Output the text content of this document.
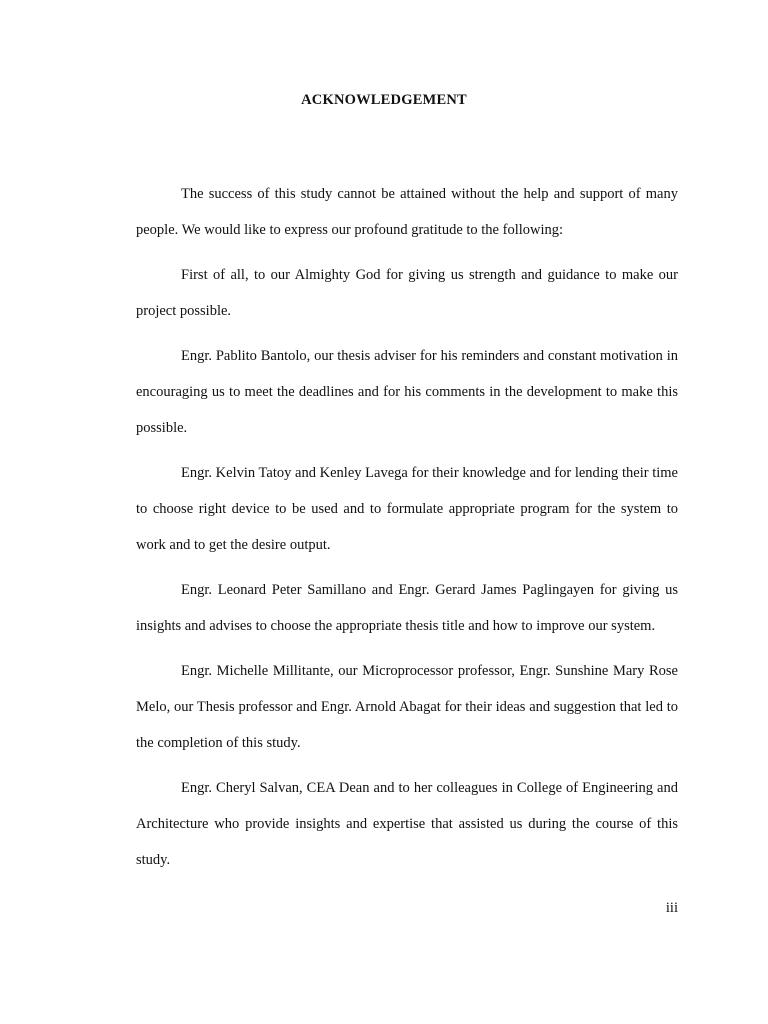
ACKNOWLEDGEMENT

The success of this study cannot be attained without the help and support of many people. We would like to express our profound gratitude to the following:

First of all, to our Almighty God for giving us strength and guidance to make our project possible.

Engr. Pablito Bantolo, our thesis adviser for his reminders and constant motivation in encouraging us to meet the deadlines and for his comments in the development to make this possible.

Engr. Kelvin Tatoy and Kenley Lavega for their knowledge and for lending their time to choose right device to be used and to formulate appropriate program for the system to work and to get the desire output.

Engr. Leonard Peter Samillano and Engr. Gerard James Paglingayen for giving us insights and advises to choose the appropriate thesis title and how to improve our system.

Engr. Michelle Millitante, our Microprocessor professor, Engr. Sunshine Mary Rose Melo, our Thesis professor and Engr. Arnold Abagat for their ideas and suggestion that led to the completion of this study.

Engr. Cheryl Salvan, CEA Dean and to her colleagues in College of Engineering and Architecture who provide insights and expertise that assisted us during the course of this study.

iii
